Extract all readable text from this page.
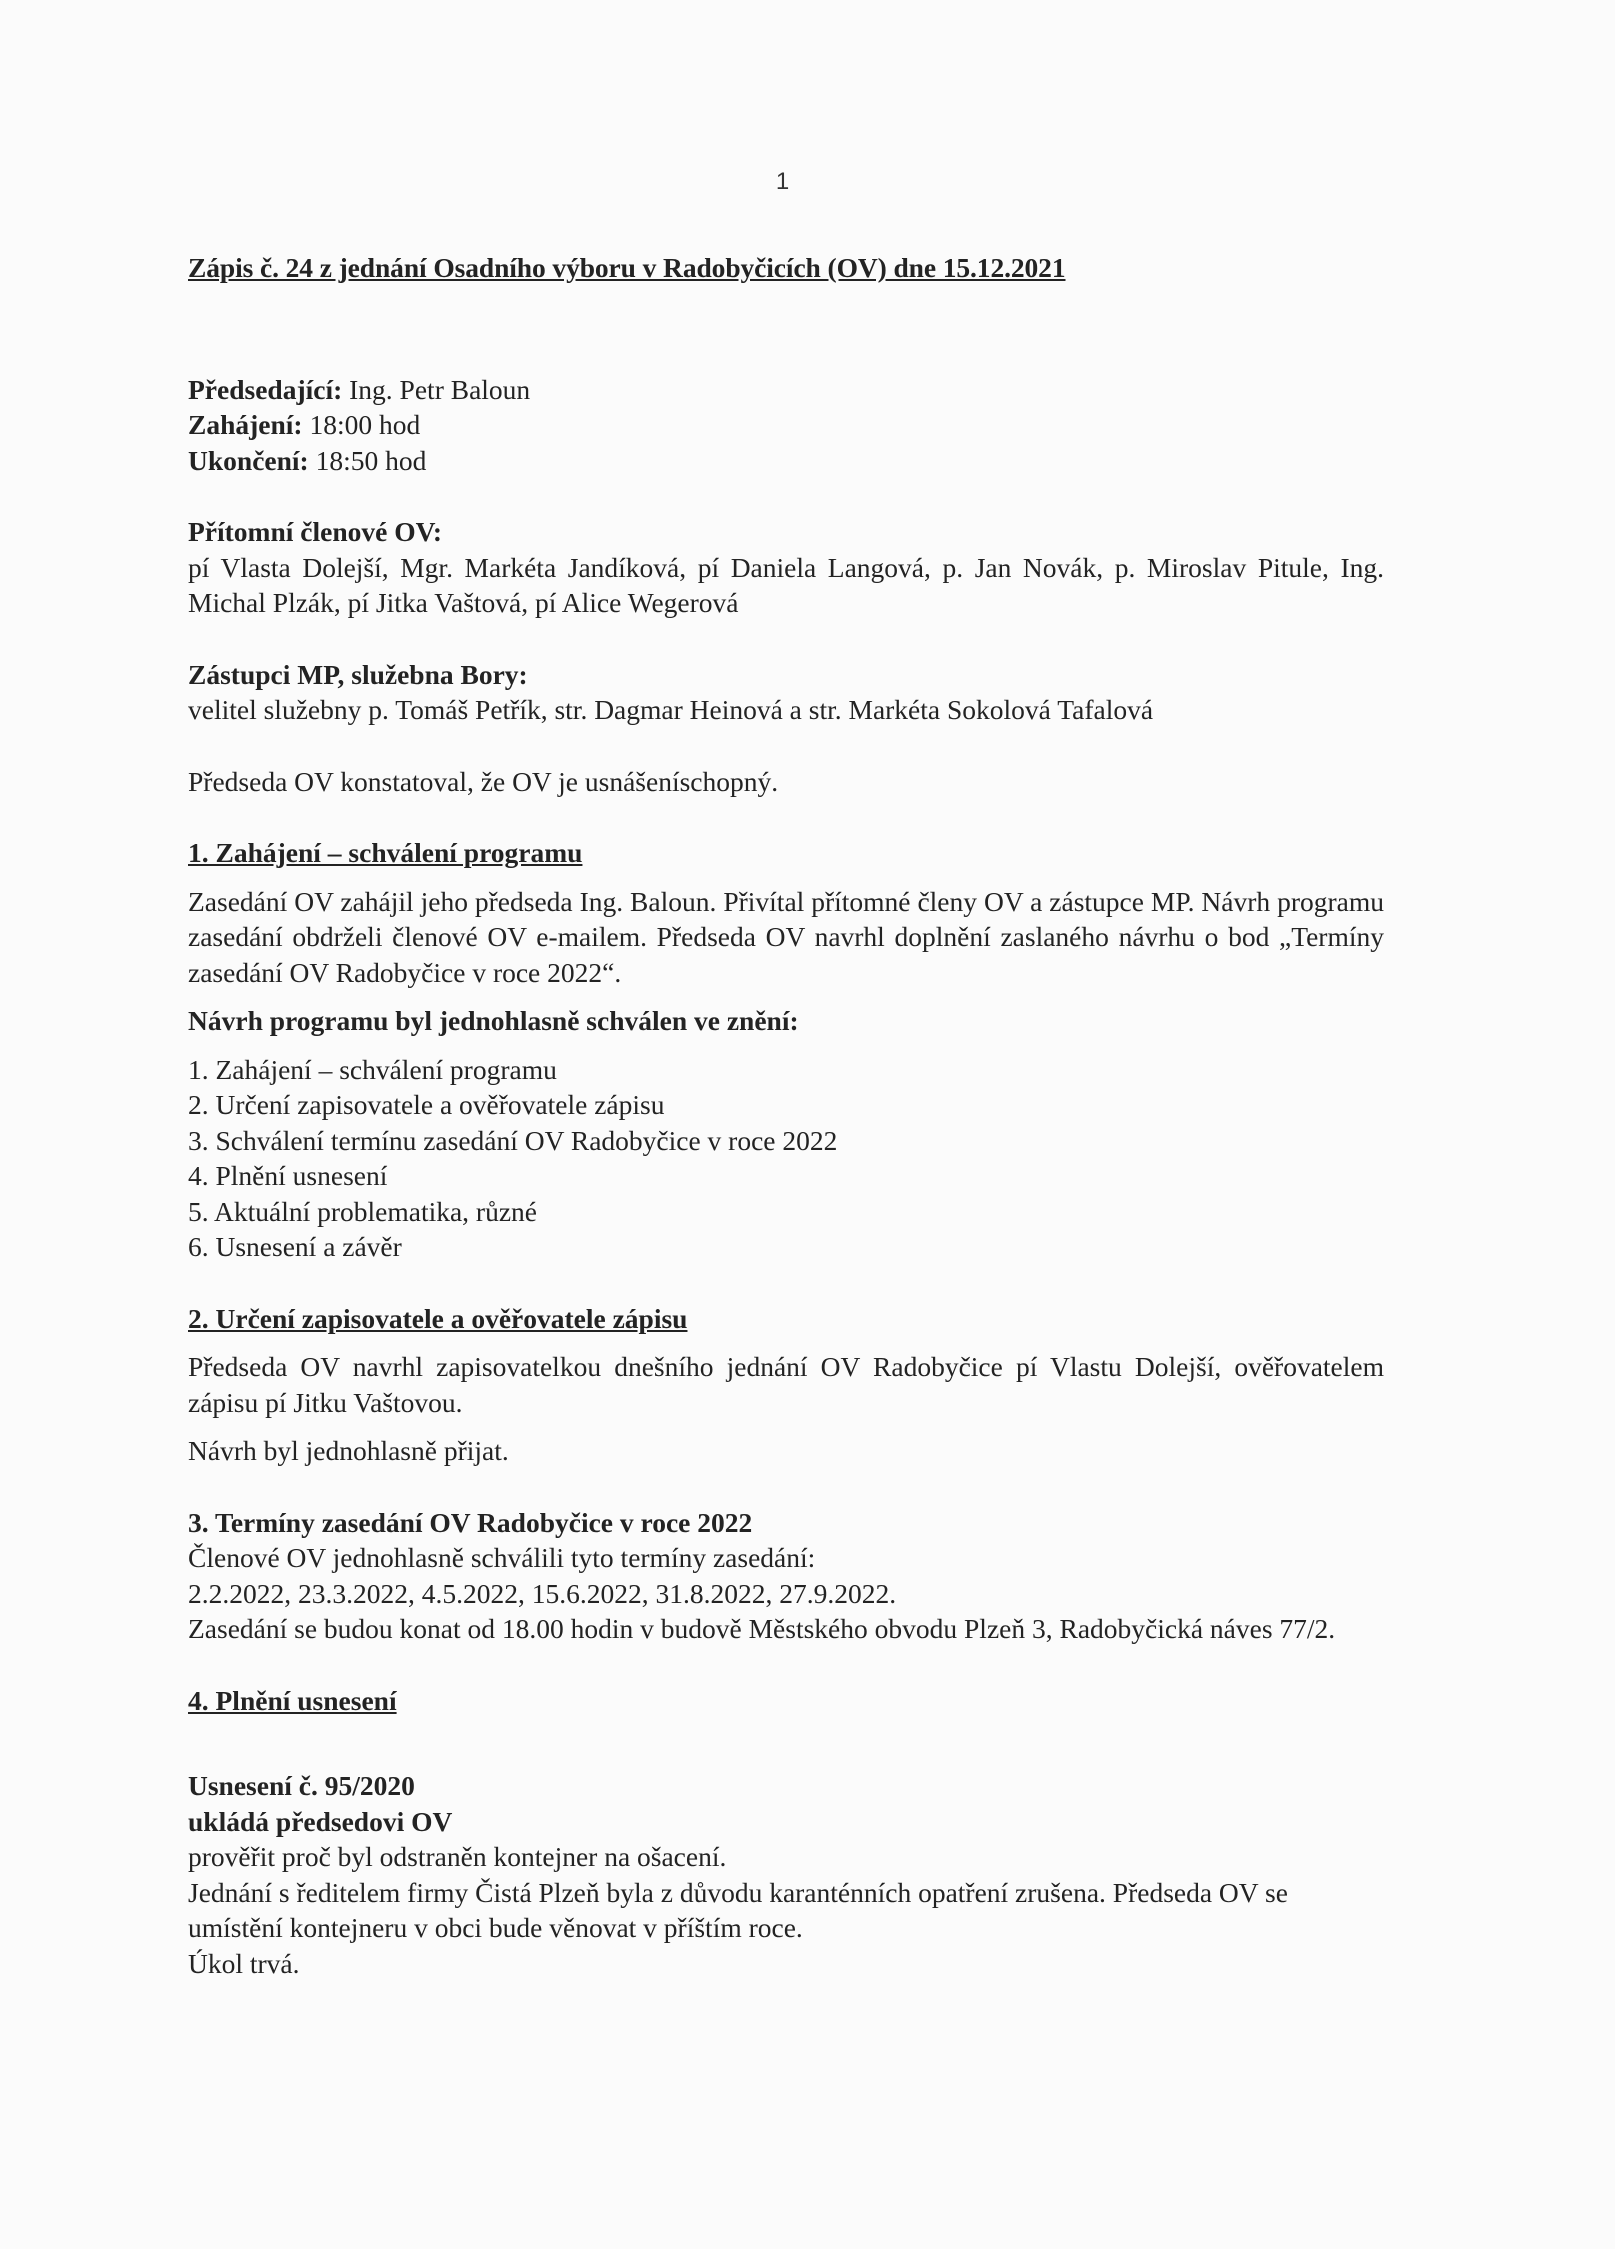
1

Zápis č. 24 z jednání Osadního výboru v Radobyčicích (OV) dne 15.12.2021

Předsedající: Ing. Petr Baloun

Zahájení: 18:00 hod

Ukončení: 18:50 hod

Přítomní členové OV:

pí Vlasta Dolejší, Mgr. Markéta Jandíková, pí Daniela Langová, p. Jan Novák, p. Miroslav Pitule, Ing. Michal Plzák, pí Jitka Vaštová, pí Alice Wegerová

Zástupci MP, služebna Bory:

velitel služebny p. Tomáš Petřík, str. Dagmar Heinová a str. Markéta Sokolová Tafalová

Předseda OV konstatoval, že OV je usnášeníschopný.

1. Zahájení – schválení programu

Zasedání OV zahájil jeho předseda Ing. Baloun. Přivítal přítomné členy OV a zástupce MP. Návrh programu zasedání obdrželi členové OV e-mailem. Předseda OV navrhl doplnění zaslaného návrhu o bod „Termíny zasedání OV Radobyčice v roce 2022“.

Návrh programu byl jednohlasně schválen ve znění:

1. Zahájení – schválení programu
2. Určení zapisovatele a ověřovatele zápisu
3. Schválení termínu zasedání OV Radobyčice v roce 2022
4. Plnění usnesení
5. Aktuální problematika, různé
6. Usnesení a závěr

2. Určení zapisovatele a ověřovatele zápisu

Předseda OV navrhl zapisovatelkou dnešního jednání OV Radobyčice pí Vlastu Dolejší, ověřovatelem zápisu pí Jitku Vaštovou.

Návrh byl jednohlasně přijat.

3. Termíny zasedání OV Radobyčice v roce 2022

Členové OV jednohlasně schválili tyto termíny zasedání:

2.2.2022, 23.3.2022, 4.5.2022, 15.6.2022, 31.8.2022, 27.9.2022.

Zasedání se budou konat od 18.00 hodin v budově Městského obvodu Plzeň 3, Radobyčická náves 77/2.

4. Plnění usnesení

Usnesení č. 95/2020

ukládá předsedovi OV

prověřit proč byl odstraněn kontejner na ošacení.

Jednání s ředitelem firmy Čistá Plzeň byla z důvodu karanténních opatření zrušena. Předseda OV se umístění kontejneru v obci bude věnovat v příštím roce.

Úkol trvá.
